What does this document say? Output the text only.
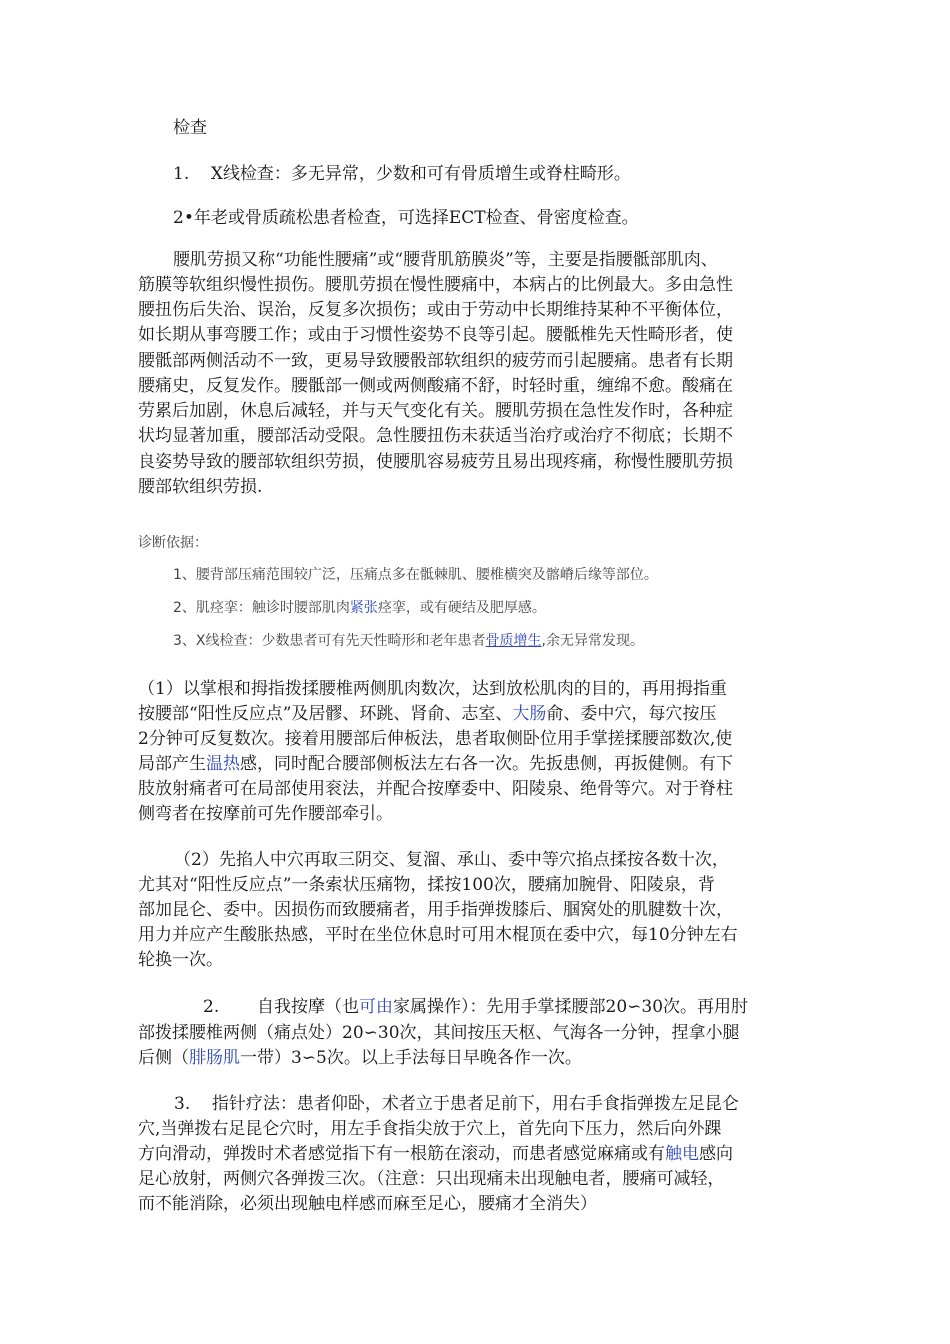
检查
1.    X线检查：多无异常，少数和可有骨质增生或脊柱畸形。
2•年老或骨质疏松患者检查，可选择ECT检查、骨密度检查。
　腰肌劳损又称“功能性腰痛”或“腰背肌筋膜炎”等，主要是指腰骶部肌肉、
筋膜等软组织慢性损伤。腰肌劳损在慢性腰痛中，本病占的比例最大。多由急性
腰扭伤后失治、误治，反复多次损伤；或由于劳动中长期维持某种不平衡体位，
如长期从事弯腰工作；或由于习惯性姿势不良等引起。腰骶椎先天性畸形者，使
腰骶部两侧活动不一致，更易导致腰骰部软组织的疲劳而引起腰痛。患者有长期
腰痛史，反复发作。腰骶部一侧或两侧酸痛不舒，时轻时重，缠绵不愈。酸痛在
劳累后加剧，休息后减轻，并与天气变化有关。腰肌劳损在急性发作时，各种症
状均显著加重，腰部活动受限。急性腰扭伤未获适当治疗或治疗不彻底；长期不
良姿势导致的腰部软组织劳损，使腰肌容易疲劳且易出现疼痛，称慢性腰肌劳损
腰部软组织劳损.
诊断依据：
1、腰背部压痛范围较广泛，压痛点多在骶棘肌、腰椎横突及髂嵴后缘等部位。
2、肌痉挛：触诊时腰部肌肉紧张痉挛，或有硬结及肥厚感。
3、X线检查：少数患者可有先天性畸形和老年患者骨质增生,余无异常发现。
（1）以掌根和拇指拨揉腰椎两侧肌肉数次，达到放松肌肉的目的，再用拇指重
按腰部“阳性反应点”及居髎、环跳、肾俞、志室、大肠俞、委中穴，每穴按压
2分钟可反复数次。接着用腰部后伸板法，患者取侧卧位用手掌搓揉腰部数次,使
局部产生温热感，同时配合腰部侧板法左右各一次。先扳患侧，再扳健侧。有下
肢放射痛者可在局部使用衮法，并配合按摩委中、阳陵泉、绝骨等穴。对于脊柱
侧弯者在按摩前可先作腰部牵引。
（2）先掐人中穴再取三阴交、复溜、承山、委中等穴掐点揉按各数十次，
尤其对“阳性反应点”一条索状压痛物，揉按100次，腰痛加腕骨、阳陵泉，背
部加昆仑、委中。因损伤而致腰痛者，用手指弹拨膝后、腘窝处的肌腱数十次，
用力并应产生酸胀热感，平时在坐位休息时可用木棍顶在委中穴，每10分钟左右
轮换一次。
2.       自我按摩（也可由家属操作）：先用手掌揉腰部20∽30次。再用肘
部拨揉腰椎两侧（痛点处）20∽30次，其间按压天枢、气海各一分钟，捏拿小腿
后侧（腓肠肌一带）3∽5次。以上手法每日早晚各作一次。
3.    指针疗法：患者仰卧，术者立于患者足前下，用右手食指弹拨左足昆仑
穴,当弹拨右足昆仑穴时，用左手食指尖放于穴上，首先向下压力，然后向外踝
方向滑动，弹拨时术者感觉指下有一根筋在滚动，而患者感觉麻痛或有触电感向
足心放射，两侧穴各弹拨三次。（注意：只出现痛未出现触电者，腰痛可减轻，
而不能消除，必须出现触电样感而麻至足心，腰痛才全消失）
